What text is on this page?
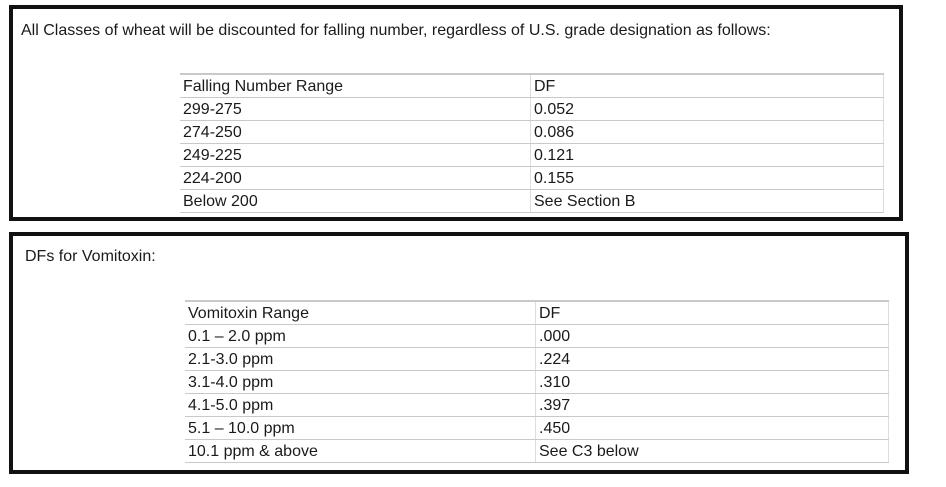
All Classes of wheat will be discounted for falling number, regardless of U.S. grade designation as follows:
Falling Number Range	DF
299-275	0.052
274-250	0.086
249-225	0.121
224-200	0.155
Below 200	See Section B
DFs for Vomitoxin:
Vomitoxin Range	DF
0.1 – 2.0 ppm	.000
2.1-3.0 ppm	.224
3.1-4.0 ppm	.310
4.1-5.0 ppm	.397
5.1 – 10.0 ppm	.450
10.1 ppm & above	See C3 below
